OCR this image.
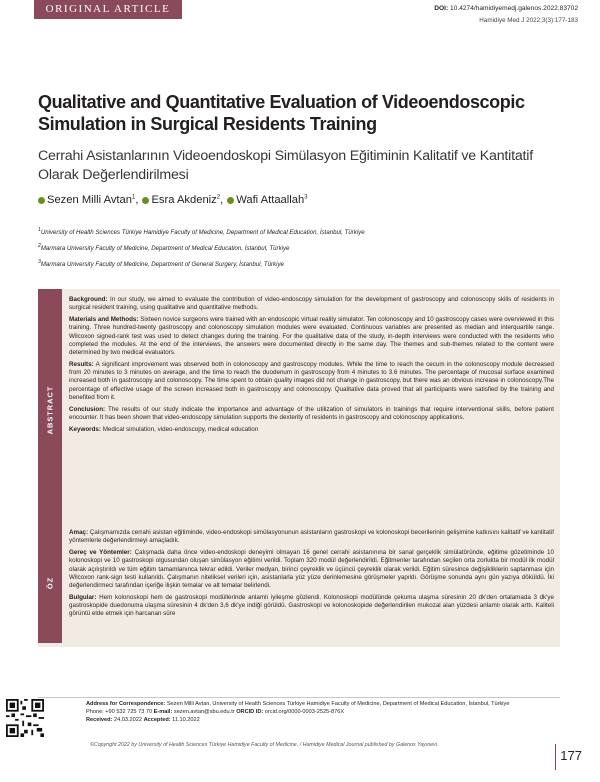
ORIGINAL ARTICLE	DOI: 10.4274/hamidiyemedj.galenos.2022.83702
Hamidiye Med J 2022;3(3):177-183
Qualitative and Quantitative Evaluation of Videoendoscopic Simulation in Surgical Residents Training
Cerrahi Asistanlarının Videoendoskopi Simülasyon Eğitiminin Kalitatif ve Kantitatif Olarak Değerlendirilmesi
Sezen Milli Avtan$^1$,	Esra Akdeniz$^2$,	Wafi Attaallah$^3$

$^1$University of Health Sciences Türkiye Hamidiye Faculty of Medicine, Department of Medical Education, İstanbul, Türkiye

$^2$Marmara University Faculty of Medicine, Department of Medical Education, İstanbul, Türkiye

$^3$Marmara University Faculty of Medicine, Department of General Surgery, İstanbul, Türkiye

ABSTRACT

Background: In our study, we aimed to evaluate the contribution of video-endoscopy simulation for the development of gastroscopy and colonoscopy skills of residents in surgical resident training, using qualitative and quantitative methods.

Materials and Methods: Sixteen novice surgeons were trained with an endoscopic virtual reality simulator. Ten colonoscopy and 10 gastroscopy cases were overviewed in this training. Three hundred-twenty gastroscopy and colonoscopy simulation modules were evaluated. Continuous variables are presented as median and interquartile range. Wilcoxon signed-rank test was used to detect changes during the training. For the qualitative data of the study, in-depth interviews were conducted with the residents who completed the modules. At the end of the interviews, the answers were documented directly in the same day. The themes and sub-themes related to the content were determined by two medical evaluators.

Results: A significant improvement was observed both in colonoscopy and gastroscopy modules. While the time to reach the cecum in the colonoscopy module decreased from 20 minutes to 3 minutes on average, and the time to reach the duodenum in gastroscopy from 4 minutes to 3.6 minutes. The percentage of mucosal surface examined increased both in gastroscopy and colonoscopy. The time spent to obtain quality images did not change in gastroscopy, but there was an obvious increase in colonoscopy.The percentage of effective usage of the screen increased both in gastroscopy and colonoscopy. Qualitative data proved that all participants were satisfied by the training and benefited from it.

Conclusion: The results of our study indicate the importance and advantage of the utilization of simulators in trainings that require interventional skills, before patient encounter. It has been shown that video-endoscopy simulation supports the dexterity of residents in gastroscopy and colonoscopy applications.

Keywords: Medical simulation, video-endoscopy, medical education

ÖZ

Amaç: Çalışmamızda cerrahi asistan eğitiminde, video-endoskopi simülasyonunun asistanların gastroskopi ve kolonoskopi becerilerinin gelişimine katkısını kalitatif ve kantitatif yöntemlerle değerlendirmeyi amaçladık.

Gereç ve Yöntemler: Çalışmada daha önce video-endoskopi deneyimi olmayan 16 genel cerrahi asistanınına bir sanal gerçeklik simülatöründe, eğitime gözetiminde 10 kolonoskopi ve 10 gastroskopi olgusundan oluşan simülasyon eğitimi verildi. Toplam 320 modül değerlendirildi. Eğitmenler tarafından seçilen orta zorlukta bir modül ilk modül olarak açılıştırıldı ve tüm eğitim tamamlanınca tekrar edildi. Veriler medyan, birinci çeyreklik ve üçüncü çeyreklik olarak verildi. Eğitim süresince değişikliklerin saptanması için Wilcoxon rank-sign testi kullanıldı. Çalışmanın niteliksel verileri için, asistanlarla yüz yüze derinlemesine görüşmeler yapıldı. Görüşme sonunda aynı gün yazıya döküldü. İki değerlendirmeci tarafından içeriğe ilişkin temalar ve alt temalar belirlendi.

Bulgular: Hem kolonoskopi hem de gastroskopi modüllerinde anlamlı iyileşme gözlendi. Kolonoskopi modülünde çekuma ulaşma süresinin 20 dk'den ortalamada 3 dk'ye gastroskopide duedonuma ulaşma süresinin 4 dk'den 3,6 dk'ye indiği görüldü. Gastroskopi ve kolonoskopide değerlendirilen mukozal alan yüzdesi anlamlı olarak arttı. Kaliteli görüntü elde etmek için harcanan süre

Address for Correspondence: Sezen Milli Avtan, University of Health Sciences Türkiye Hamidiye Faculty of Medicine, Department of Medical Education, İstanbul, Türkiye
Phone: +90 532 725 73 70 E-mail: sezen.avtan@sbu.edu.tr ORCID ID: orcid.org/0000-0003-2525-876X
Received: 24.03.2022 Accepted: 11.10.2022
©Copyright 2022 by University of Health Sciences Türkiye Hamidiye Faculty of Medicine. / Hamidiye Medical Journal published by Galenos Yayınevi.
177
